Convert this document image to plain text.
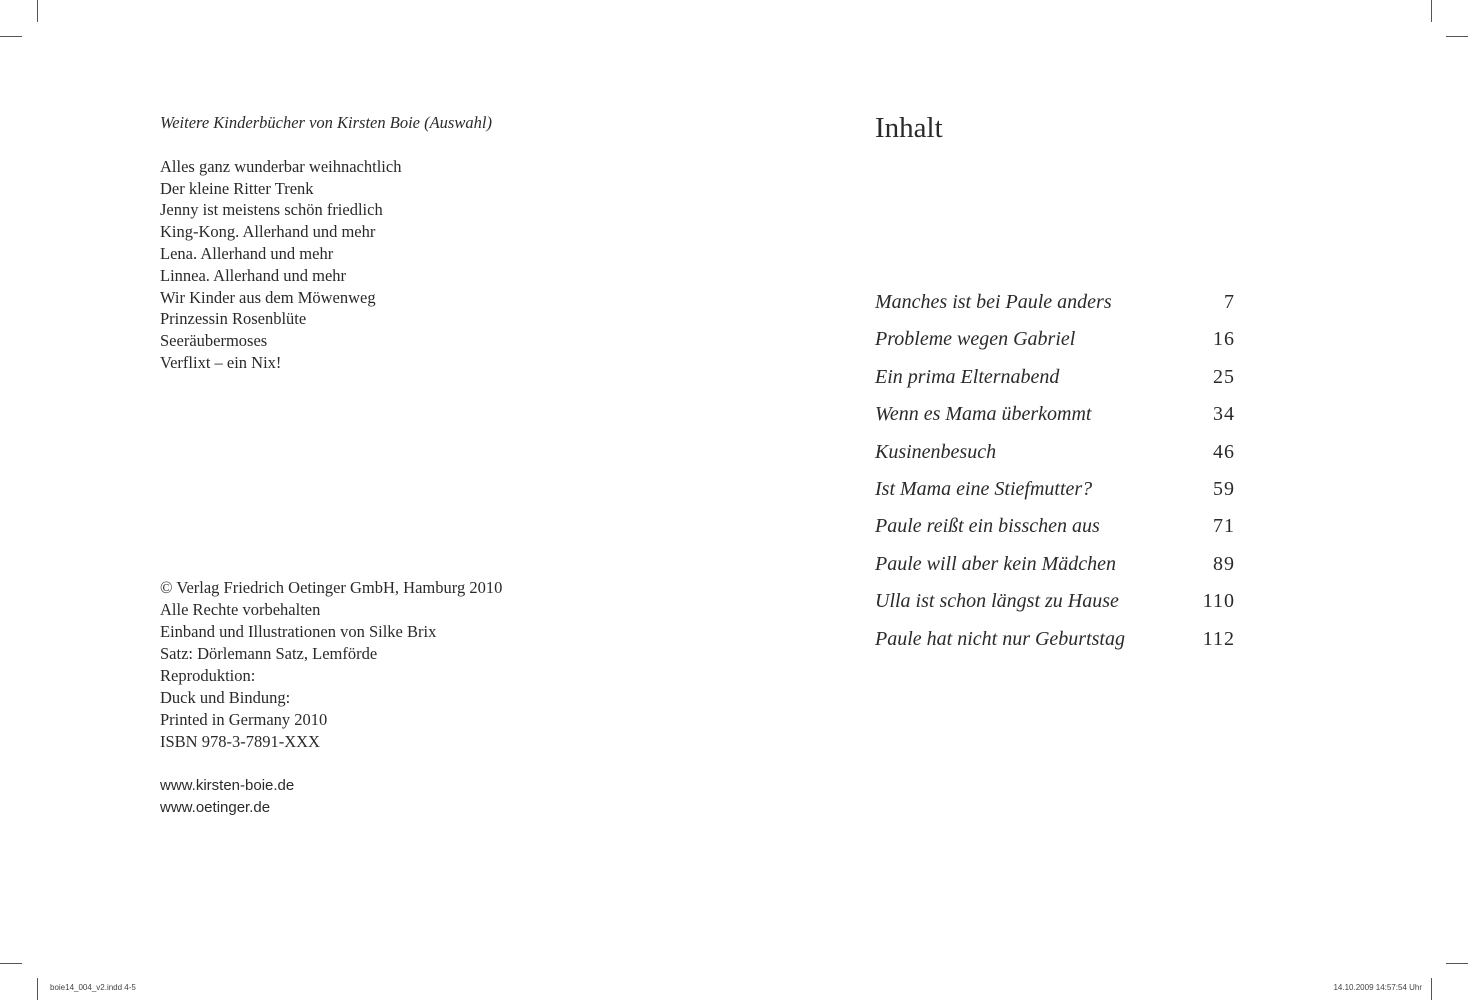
Weitere Kinderbücher von Kirsten Boie (Auswahl)

Alles ganz wunderbar weihnachtlich
Der kleine Ritter Trenk
Jenny ist meistens schön friedlich
King-Kong. Allerhand und mehr
Lena. Allerhand und mehr
Linnea. Allerhand und mehr
Wir Kinder aus dem Möwenweg
Prinzessin Rosenblüte
Seeräubermoses
Verflixt – ein Nix!
© Verlag Friedrich Oetinger GmbH, Hamburg 2010
Alle Rechte vorbehalten
Einband und Illustrationen von Silke Brix
Satz: Dörlemann Satz, Lemförde
Reproduktion:
Duck und Bindung:
Printed in Germany 2010
ISBN 978-3-7891-XXX
www.kirsten-boie.de
www.oetinger.de
Inhalt
Manches ist bei Paule anders	7
Probleme wegen Gabriel	16
Ein prima Elternabend	25
Wenn es Mama überkommt	34
Kusinenbesuch	46
Ist Mama eine Stiefmutter?	59
Paule reißt ein bisschen aus	71
Paule will aber kein Mädchen	89
Ulla ist schon längst zu Hause	110
Paule hat nicht nur Geburtstag	112
boie14_004_v2.indd 4-5	14.10.2009 14:57:54 Uhr
